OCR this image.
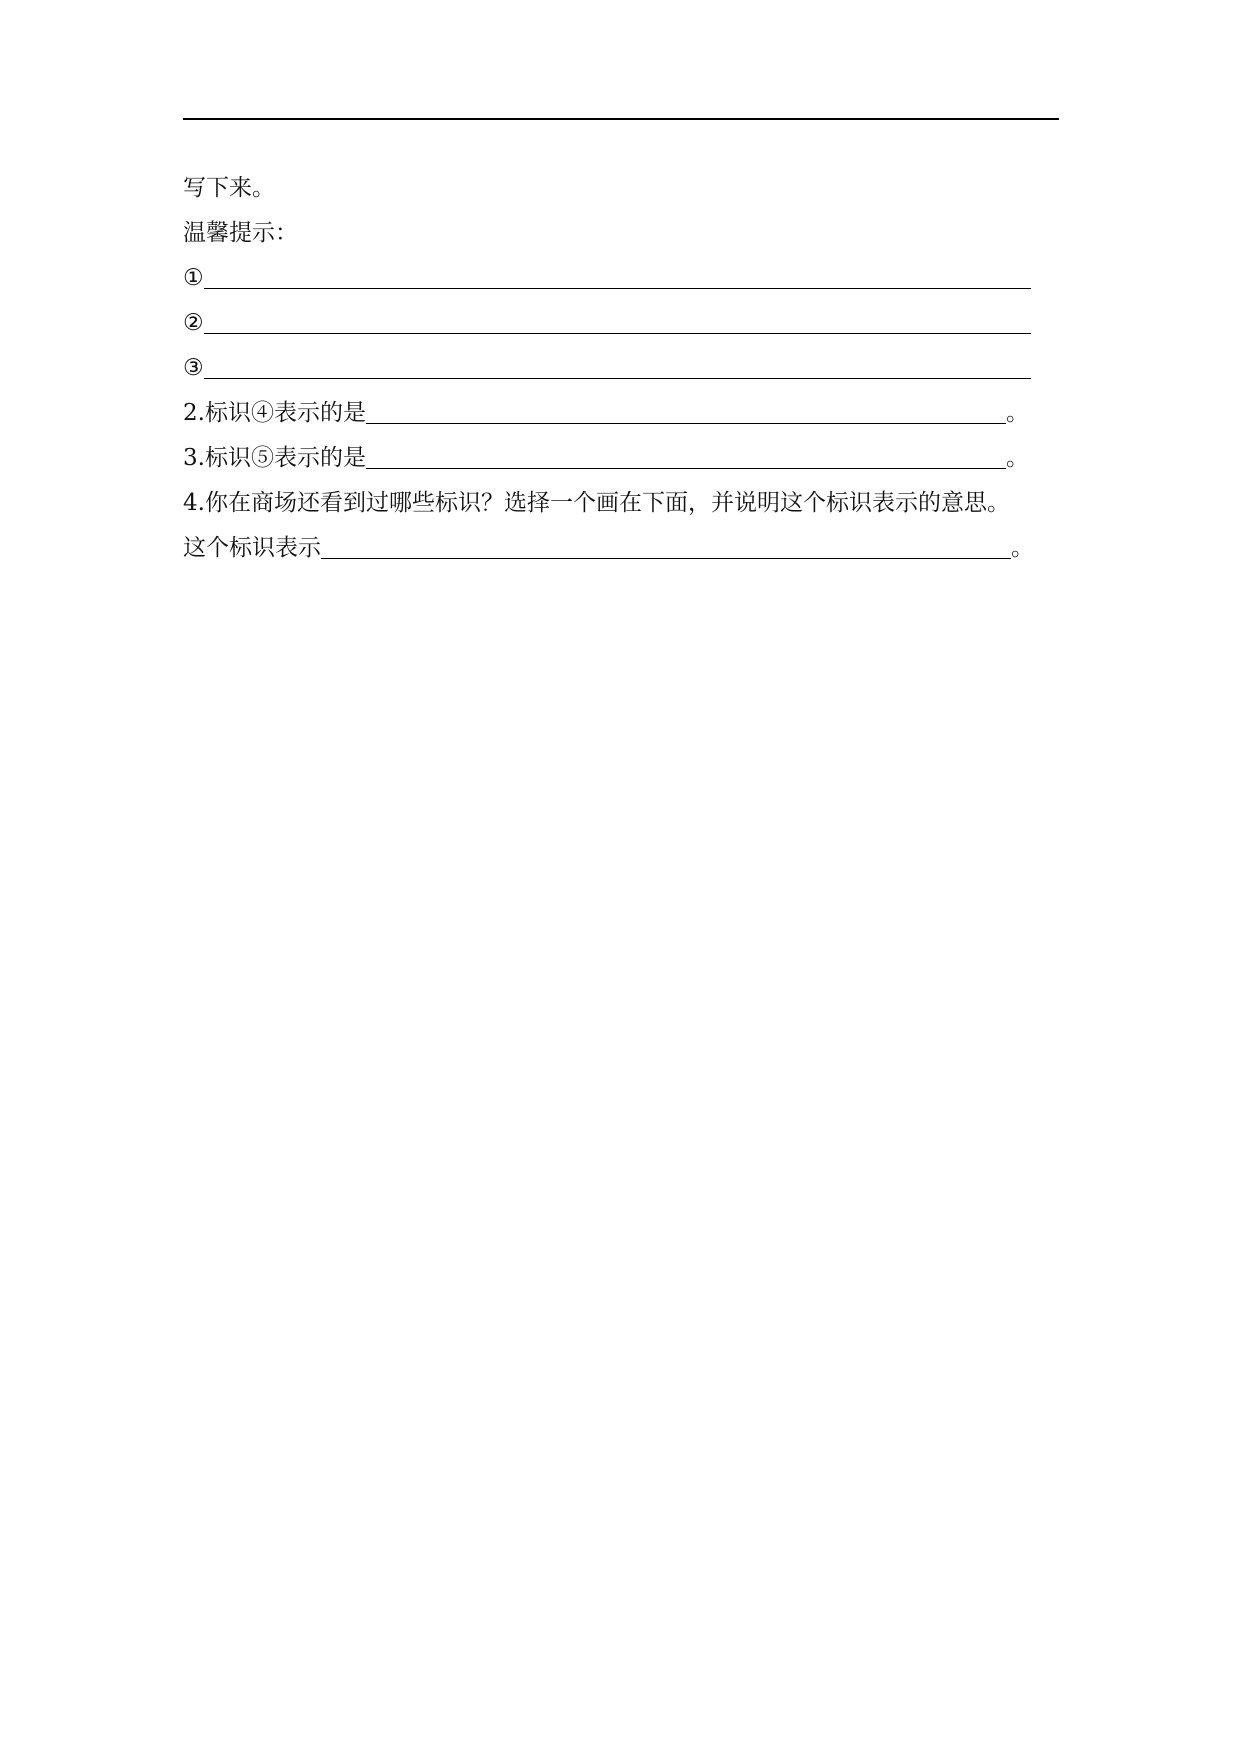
写下来。
温馨提示：
①
②
③
2.标识④表示的是	。
3.标识⑤表示的是	。
4.你在商场还看到过哪些标识？选择一个画在下面，并说明这个标识表示的意思。
这个标识表示	。
